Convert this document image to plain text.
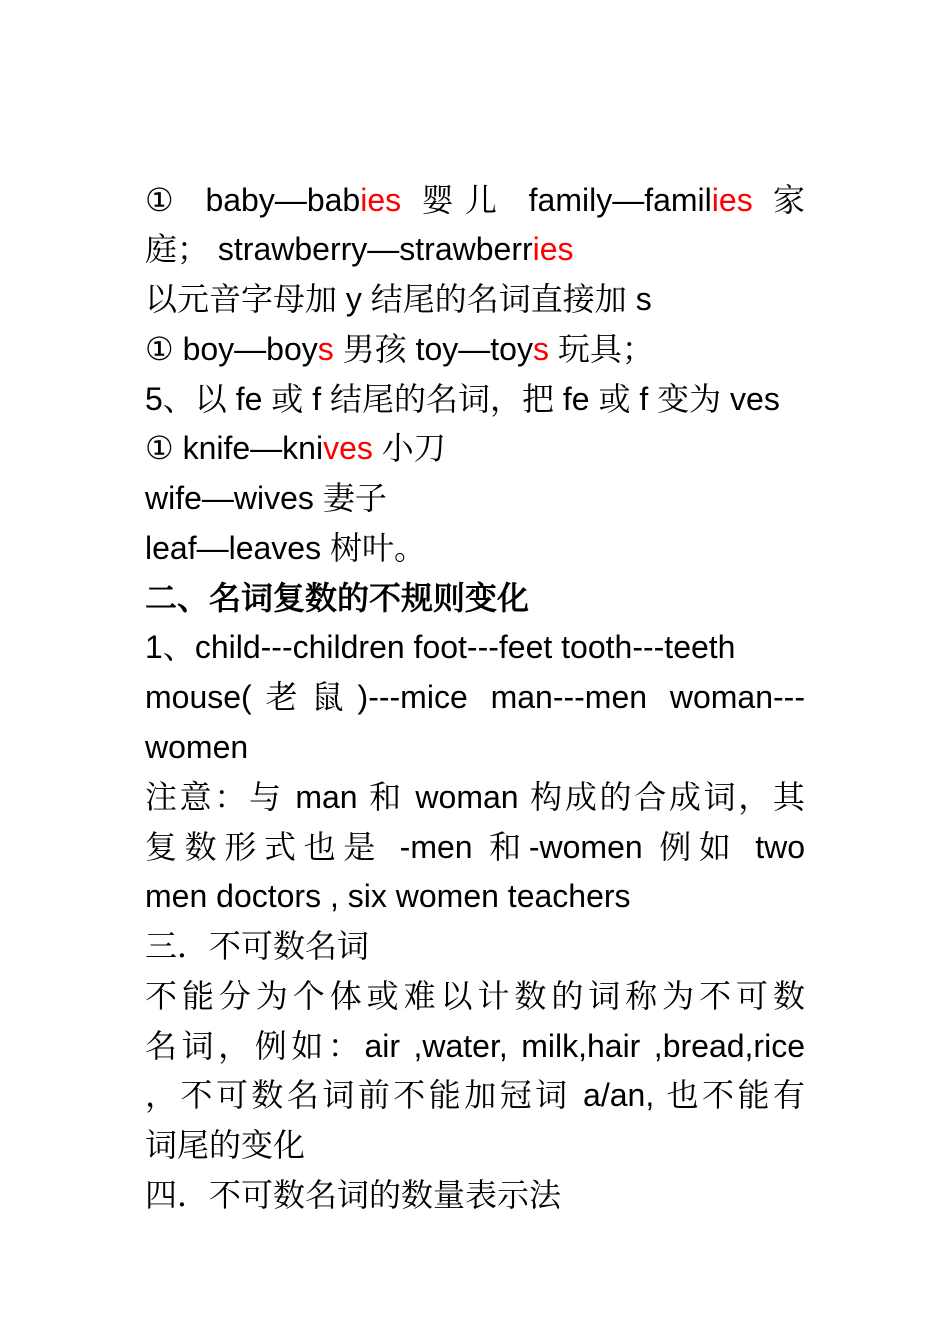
① baby—babies 婴儿 family—families 家
庭； strawberry—strawberries
以元音字母加 y 结尾的名词直接加 s
① boy—boys 男孩 toy—toys 玩具；
5、以 fe 或 f 结尾的名词，把 fe 或 f 变为 ves
① knife—knives 小刀
wife—wives 妻子
leaf—leaves 树叶。
二、名词复数的不规则变化
1、child---children foot---feet tooth---teeth
mouse(老鼠)---mice man---men woman---
women
注意：与 man 和 woman 构成的合成词，其
复数形式也是 -men 和-women 例如 two
men doctors , six women teachers
三．不可数名词
不能分为个体或难以计数的词称为不可数
名词，例如：air ,water, milk,hair ,bread,rice
，不可数名词前不能加冠词 a/an, 也不能有
词尾的变化
四．不可数名词的数量表示法
